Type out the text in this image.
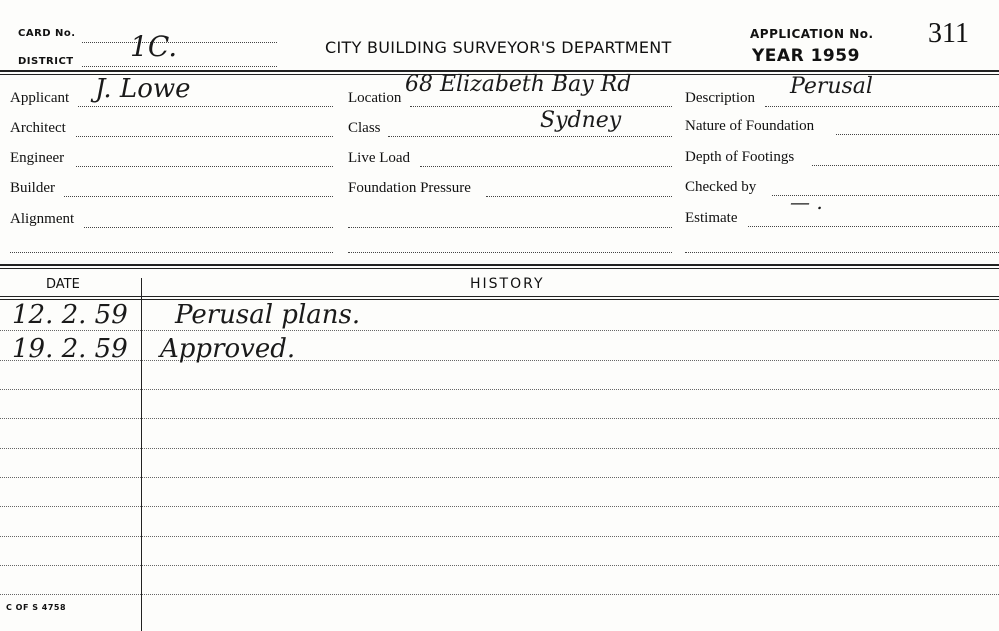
CARD No.
DISTRICT 1C.	CITY BUILDING SURVEYOR'S DEPARTMENT
APPLICATION No.
YEAR 1959
311
Applicant J. Lowe
Architect
Engineer
Builder
Alignment
Location
68 Elizabeth Bay Rd
Sydney
Class
Live Load
Foundation Pressure
Description Perusal
Nature of Foundation
Depth of Footings
Checked by
Estimate
— .
DATE	HISTORY
12. 2. 59 Perusal plans.
19. 2. 59 Approved.
C OF S 4758
